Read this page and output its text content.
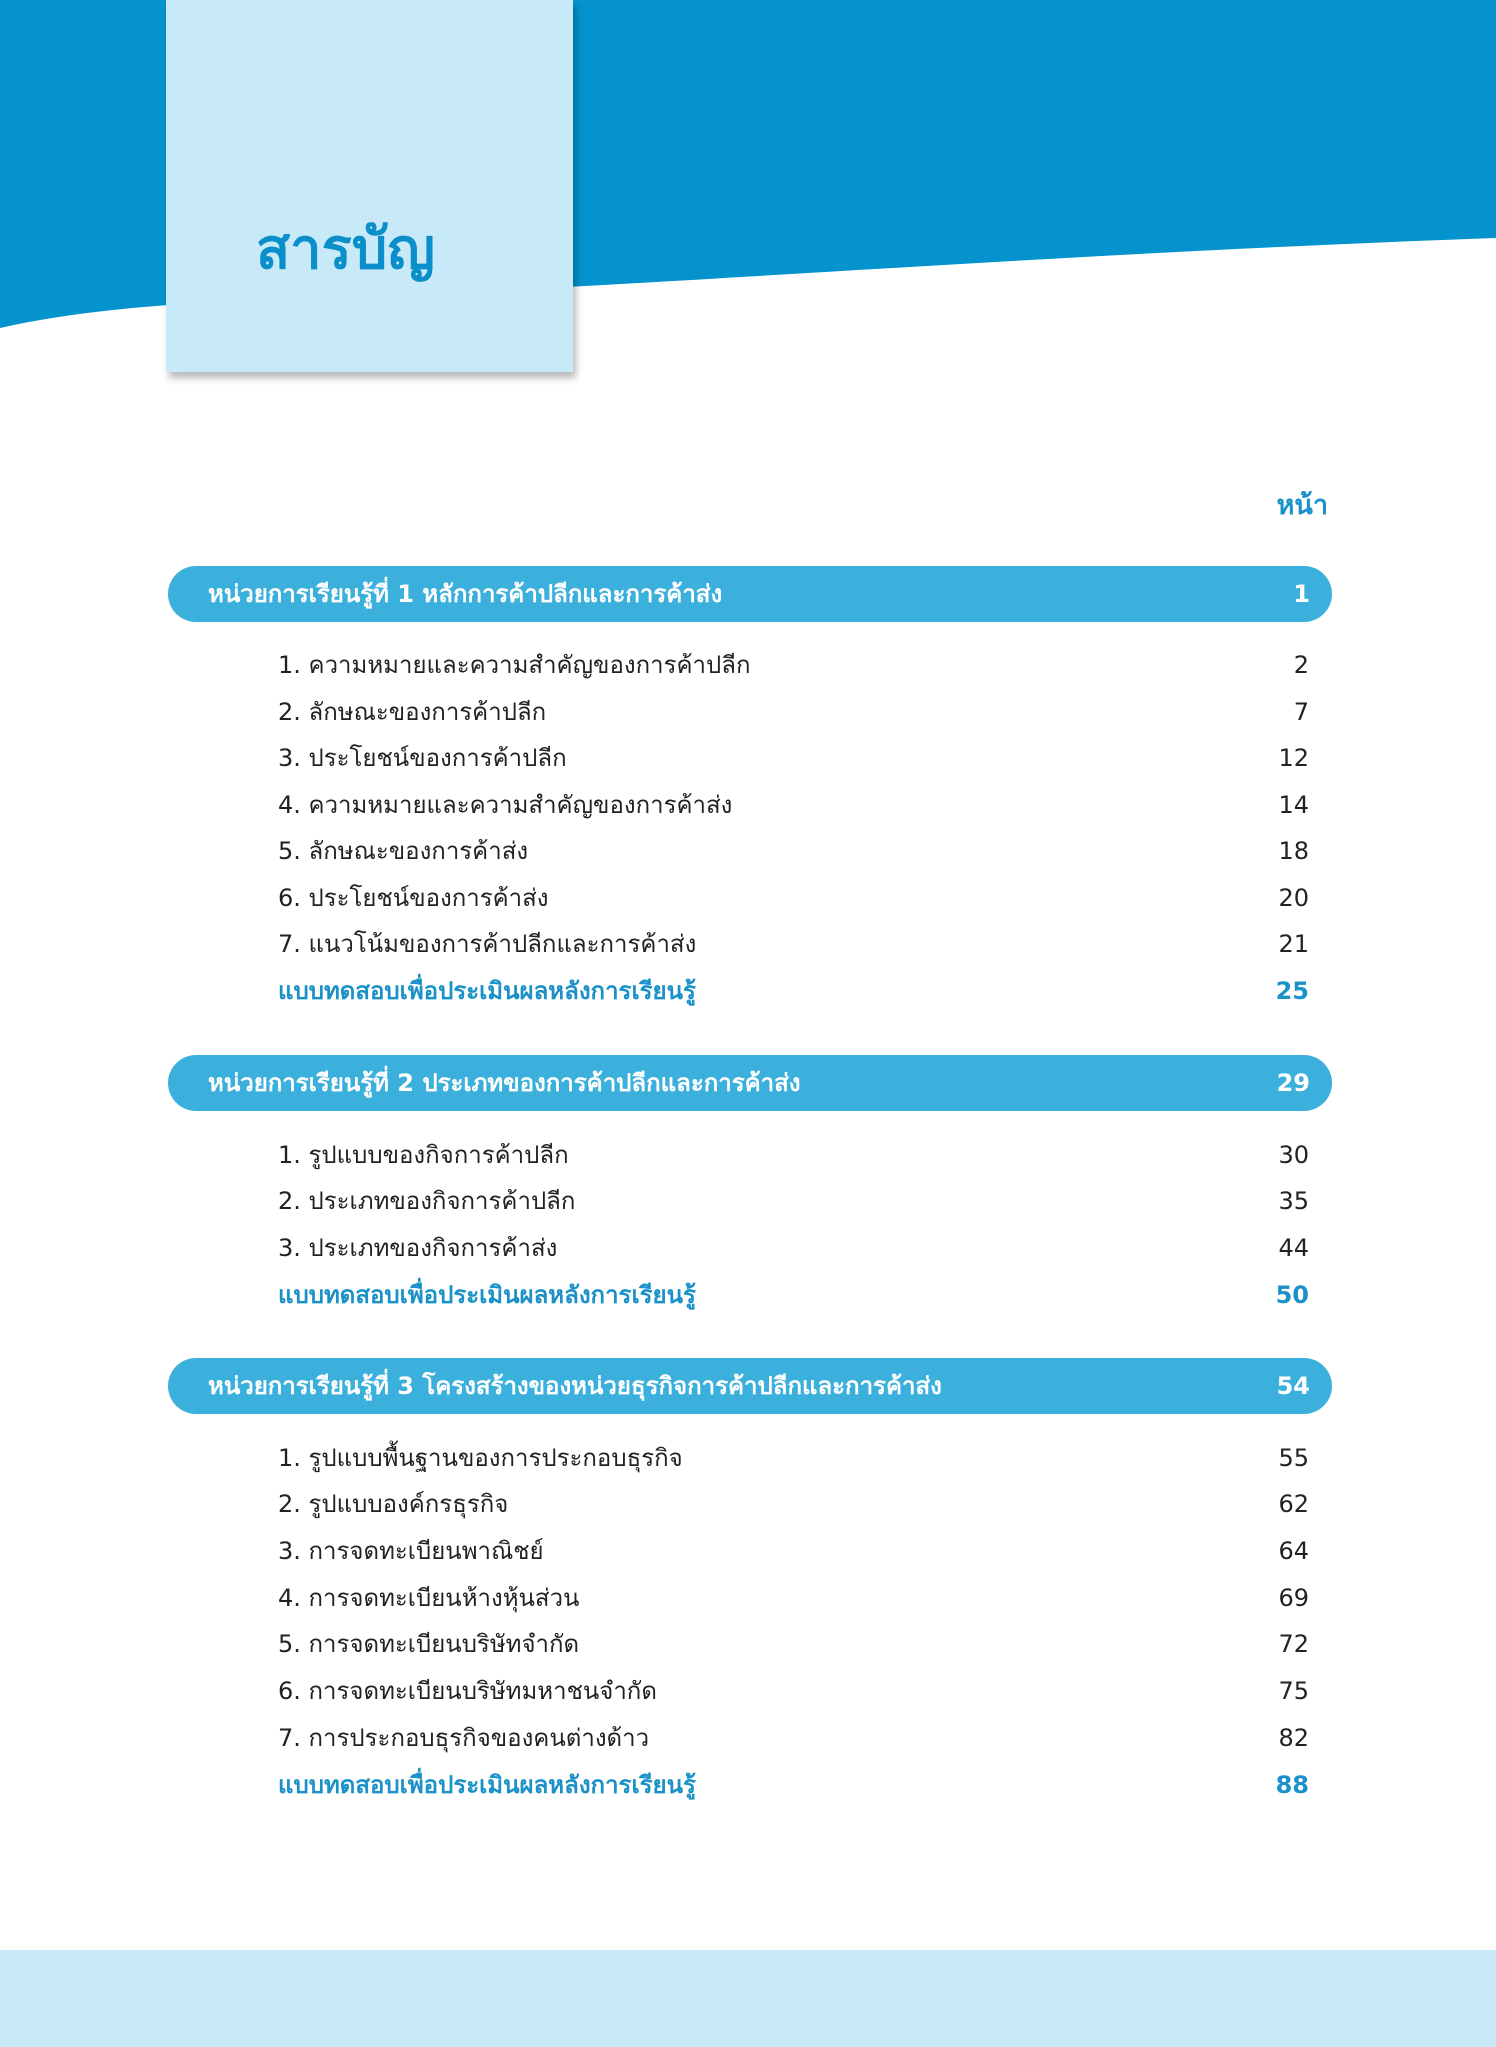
สารบัญ
หน้า
หน่วยการเรียนรู้ที่ 1 หลักการค้าปลีกและการค้าส่ง	1
1. ความหมายและความสำคัญของการค้าปลีก	2
2. ลักษณะของการค้าปลีก	7
3. ประโยชน์ของการค้าปลีก	12
4. ความหมายและความสำคัญของการค้าส่ง	14
5. ลักษณะของการค้าส่ง	18
6. ประโยชน์ของการค้าส่ง	20
7. แนวโน้มของการค้าปลีกและการค้าส่ง	21
แบบทดสอบเพื่อประเมินผลหลังการเรียนรู้	25
หน่วยการเรียนรู้ที่ 2 ประเภทของการค้าปลีกและการค้าส่ง	29
1. รูปแบบของกิจการค้าปลีก	30
2. ประเภทของกิจการค้าปลีก	35
3. ประเภทของกิจการค้าส่ง	44
แบบทดสอบเพื่อประเมินผลหลังการเรียนรู้	50
หน่วยการเรียนรู้ที่ 3 โครงสร้างของหน่วยธุรกิจการค้าปลีกและการค้าส่ง	54
1. รูปแบบพื้นฐานของการประกอบธุรกิจ	55
2. รูปแบบองค์กรธุรกิจ	62
3. การจดทะเบียนพาณิชย์	64
4. การจดทะเบียนห้างหุ้นส่วน	69
5. การจดทะเบียนบริษัทจำกัด	72
6. การจดทะเบียนบริษัทมหาชนจำกัด	75
7. การประกอบธุรกิจของคนต่างด้าว	82
แบบทดสอบเพื่อประเมินผลหลังการเรียนรู้	88
